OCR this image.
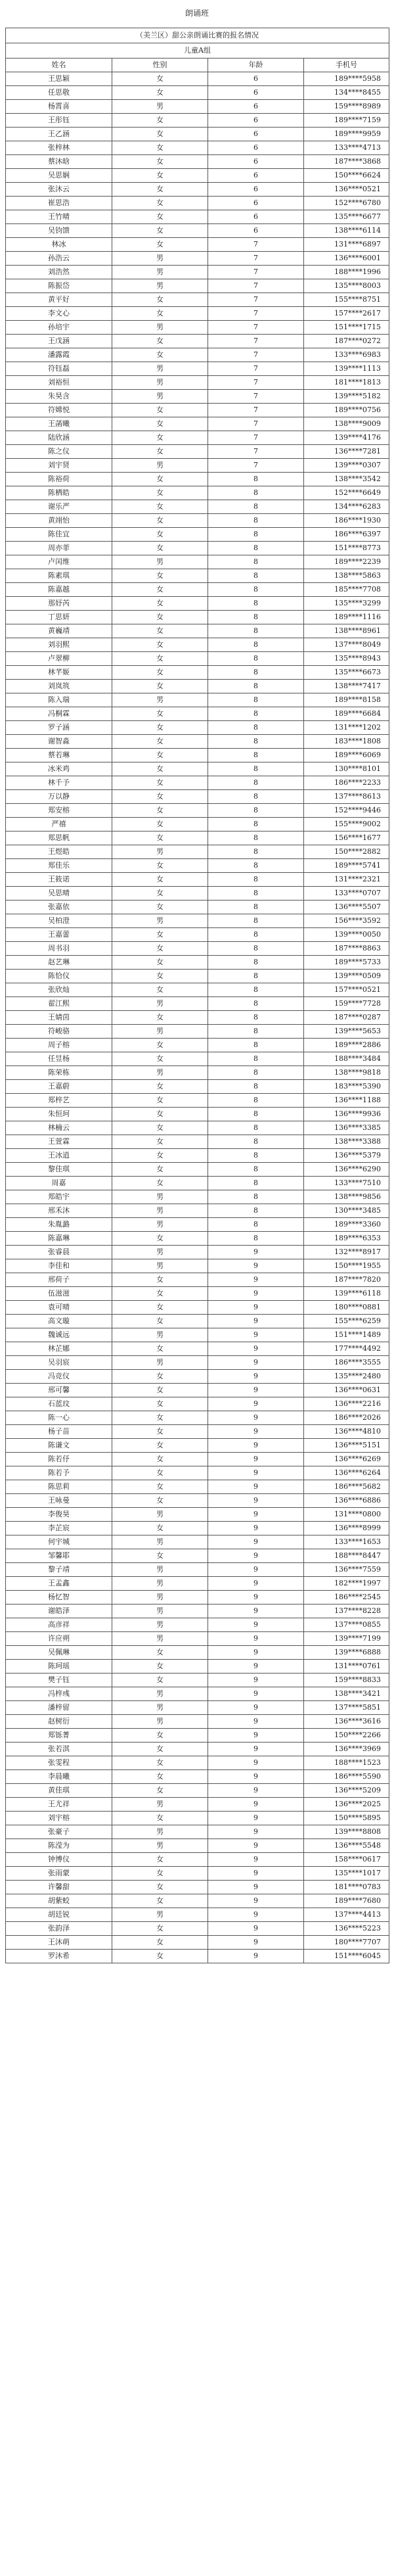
朗诵班
（美兰区）甜公亲朗诵比赛的报名情况			
儿童A组			
姓名	性别	年龄	手机号
王思颖	女	6	189****5958
任思敬	女	6	134****8455
杨霄喜	男	6	159****8989
王彤钰	女	6	189****7159
王乙涵	女	6	189****9959
张梓林	女	6	133****4713
蔡沐晗	女	6	187****3868
吴思娴	女	6	150****6624
张沐云	女	6	136****0521
崔思浩	女	6	152****6780
王竹晴	女	6	135****6677
吴钧馈	女	6	138****6114
林冰	女	7	131****6897
孙浩云	男	7	136****6001
刘浩然	男	7	188****1996
陈振岱	男	7	135****8003
黄平好	女	7	155****8751
李文心	女	7	157****2617
孙培宇	男	7	151****1715
王戊涵	女	7	187****0272
潘露霞	女	7	133****6983
符钰磊	男	7	139****1113
刘裕恒	男	7	181****1813
朱昊含	男	7	139****5182
符嫦悦	女	7	189****0756
王菡曦	女	7	138****9009
陆欣涵	女	7	139****4176
陈之仪	女	7	136****7281
刘宇贤	男	7	139****0307
陈裕荷	女	8	138****3542
陈栖皓	女	8	152****6649
谢乐严	女	8	134****6283
黄翊怡	女	8	186****1930
陈佳宜	女	8	186****6397
周亦菲	女	8	151****8773
卢闰维	男	8	189****2239
陈素琪	女	8	138****5863
陈嘉越	女	8	185****7708
那妤芮	女	8	135****3299
丁思妍	女	8	189****1116
黄巍靖	女	8	138****8961
刘羽熙	女	8	137****8049
卢翠柳	女	8	135****8943
林芊姬	女	8	135****6673
刘岚筑	女	8	138****7417
陈入瑞	男	8	189****8158
冯桐霖	女	8	189****6684
罗子涵	女	8	131****1202
谢智淼	女	8	183****1808
蔡若琳	女	8	189****6069
冰米鸡	女	8	130****8101
林千予	女	8	186****2233
万以静	女	8	137****8613
郑安榕	女	8	152****9446
严禧	女	8	155****9002
郑思帆	女	8	156****1677
王煜皓	男	8	150****2882
郑佳乐	女	8	189****5741
王筱诺	女	8	131****2321
吴思晴	女	8	133****0707
张嘉依	女	8	136****5507
吴柏澄	男	8	156****3592
王嘉蕾	女	8	139****0050
周书羽	女	8	187****8863
赵艺琳	女	8	189****5733
陈恰仪	女	8	139****0509
张欣灿	女	8	157****0521
翟江熙	男	8	159****7728
王婧茵	女	8	187****0287
符峻骆	男	8	139****5653
周子榕	女	8	189****2886
任昱杨	女	8	188****3484
陈荣栋	男	8	138****9818
王嘉蔚	女	8	183****5390
郑梓艺	女	8	136****1188
朱恒珂	女	8	136****9936
林楠云	女	8	136****3385
王萱霖	女	8	138****3388
王冰逍	女	8	136****5379
黎佳琪	女	8	136****6290
周嘉	女	8	133****7510
郑皓宇	男	8	138****9856
邢禾沐	男	8	130****3485
朱胤潞	男	8	189****3360
陈嘉琳	女	8	189****6353
张睿晨	男	9	132****8917
李佳和	男	9	150****1955
邢荷子	女	9	187****7820
伍滋滋	女	9	139****6118
袁可晴	女	9	180****0881
高文璇	女	9	155****6259
魏诚远	男	9	151****1489
林芷娜	女	9	177****4492
吴羽宸	男	9	186****3555
冯竞仪	女	9	135****2480
邢可馨	女	9	136****0631
石蓝玟	女	9	136****2216
陈一心	女	9	186****2026
杨子苗	女	9	136****4810
陈谦文	女	9	136****5151
陈若伃	女	9	136****6269
陈若予	女	9	136****6264
陈思莉	女	9	186****5682
王咏曼	女	9	136****6886
李俊昊	男	9	131****0800
李芷宸	女	9	136****8999
何宇城	男	9	133****1653
邹馨耶	女	9	188****8447
黎子靖	男	9	136****7559
王孟鑫	男	9	182****1997
杨忆智	男	9	186****2545
谢皓泽	男	9	137****8228
高彦祥	男	9	137****0855
许应朔	男	9	139****7199
吴佩琳	女	9	139****6888
陈珂瑶	女	9	131****0761
樊子钰	女	9	159****8833
冯梓彧	男	9	138****3421
潘梓留	男	9	137****5851
赵树衍	男	9	136****3616
郑铄菁	女	9	150****2266
张若淇	女	9	136****3969
张雯程	女	9	188****1523
李晨曦	女	9	186****5590
黄佳琪	女	9	136****5209
王尤祥	男	9	136****2025
刘宇榕	女	9	150****5895
张豪子	男	9	139****8808
陈滢为	男	9	136****5548
钟博仪	女	9	158****0617
张雨蒙	女	9	135****1017
许馨甜	女	9	181****0783
胡紫蛟	女	9	189****7680
胡廷锐	男	9	137****4413
张韵泽	女	9	136****5223
王沐萌	女	9	180****7707
罗沐希	女	9	151****6045
